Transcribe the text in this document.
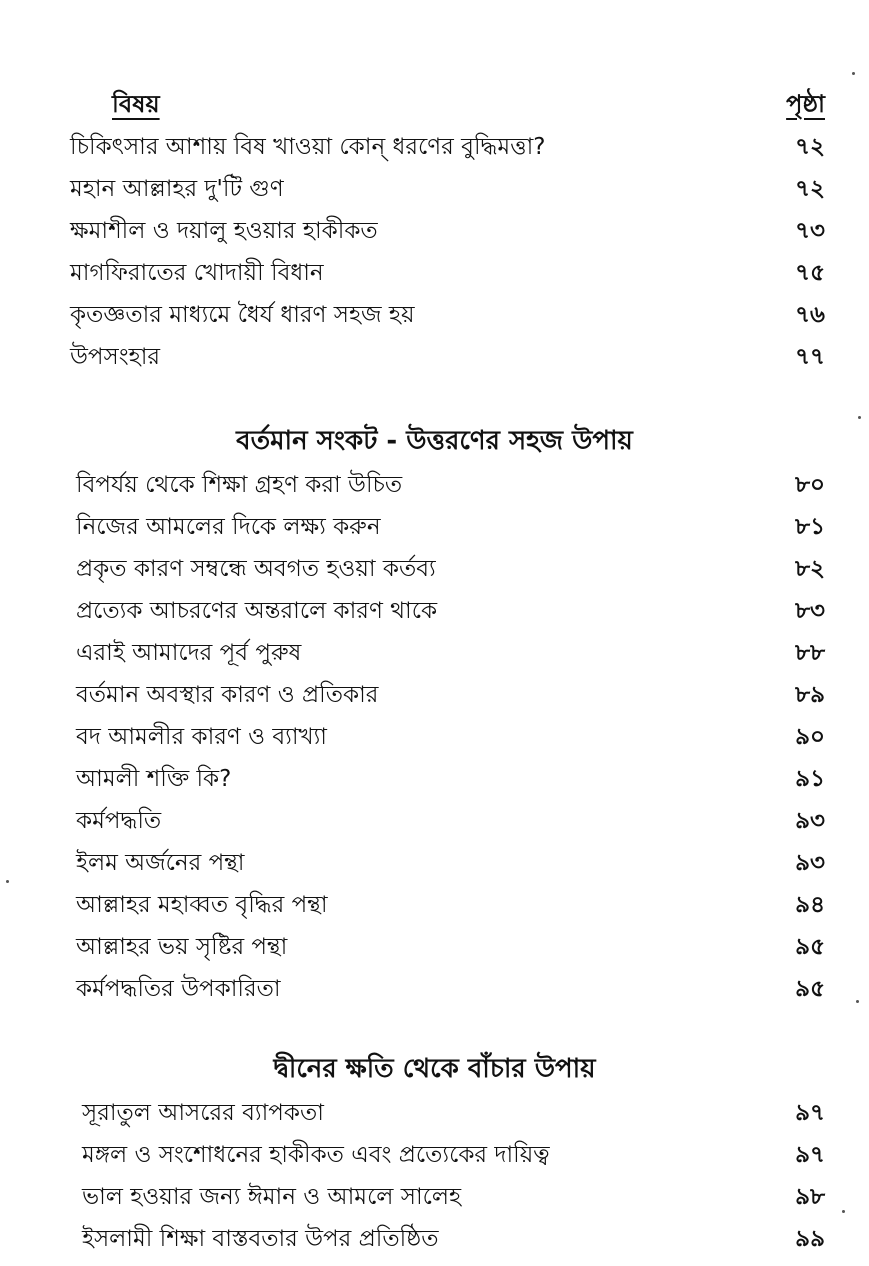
বিষয়	পৃষ্ঠা
চিকিৎসার আশায় বিষ খাওয়া কোন্ ধরণের বুদ্ধিমত্তা?	৭২
মহান আল্লাহর দু'টি গুণ	৭২
ক্ষমাশীল ও দয়ালু হওয়ার হাকীকত	৭৩
মাগফিরাতের খোদায়ী বিধান	৭৫
কৃতজ্ঞতার মাধ্যমে ধৈর্য ধারণ সহজ হয়	৭৬
উপসংহার	৭৭
বর্তমান সংকট - উত্তরণের সহজ উপায়
বিপর্যয় থেকে শিক্ষা গ্রহণ করা উচিত	৮০
নিজের আমলের দিকে লক্ষ্য করুন	৮১
প্রকৃত কারণ সম্বন্ধে অবগত হওয়া কর্তব্য	৮২
প্রত্যেক আচরণের অন্তরালে কারণ থাকে	৮৩
এরাই আমাদের পূর্ব পুরুষ	৮৮
বর্তমান অবস্থার কারণ ও প্রতিকার	৮৯
বদ আমলীর কারণ ও ব্যাখ্যা	৯০
আমলী শক্তি কি?	৯১
কর্মপদ্ধতি	৯৩
ইলম অর্জনের পন্থা	৯৩
আল্লাহর মহাব্বত বৃদ্ধির পন্থা	৯৪
আল্লাহর ভয় সৃষ্টির পন্থা	৯৫
কর্মপদ্ধতির উপকারিতা	৯৫
দ্বীনের ক্ষতি থেকে বাঁচার উপায়
সূরাতুল আসরের ব্যাপকতা	৯৭
মঙ্গল ও সংশোধনের হাকীকত এবং প্রত্যেকের দায়িত্ব	৯৭
ভাল হওয়ার জন্য ঈমান ও আমলে সালেহ	৯৮
ইসলামী শিক্ষা বাস্তবতার উপর প্রতিষ্ঠিত	৯৯
